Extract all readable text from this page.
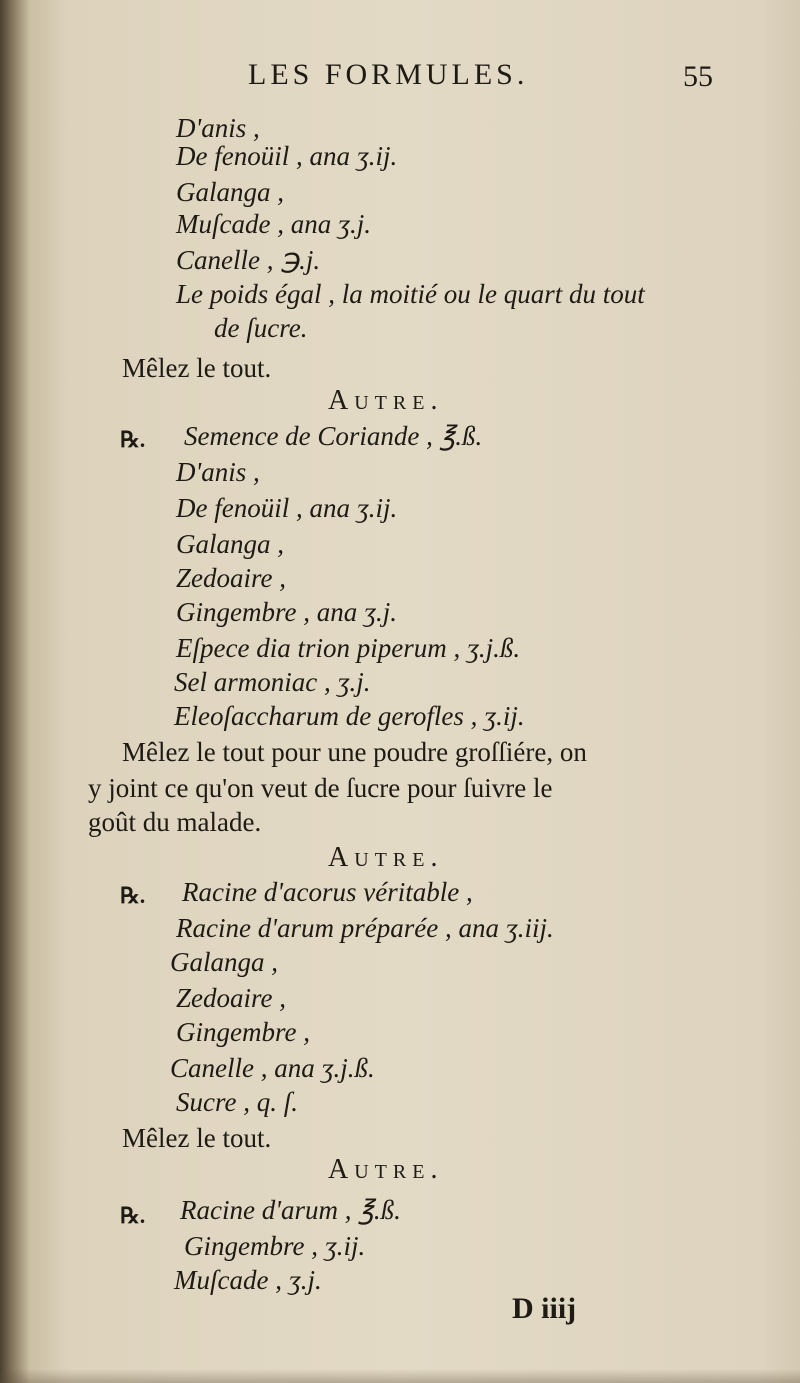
LES FORMULES.	55
D'anis ,
De fenoüil , ana ʒ.ij.
Galanga ,
Muſcade , ana ʒ.j.
Canelle , ℈.j.
Le poids égal , la moitié ou le quart du tout
de ſucre.
Mêlez le tout.
Autre.
℞. Semence de Coriande , ℥.ß.
D'anis ,
De fenoüil , ana ʒ.ij.
Galanga ,
Zedoaire ,
Gingembre , ana ʒ.j.
Eſpece dia trion piperum , ʒ.j.ß.
Sel armoniac , ʒ.j.
Eleoſaccharum de gerofles , ʒ.ij.
Mêlez le tout pour une poudre groſſiére, on
y joint ce qu'on veut de ſucre pour ſuivre le
goût du malade.
Autre.
℞. Racine d'acorus véritable ,
Racine d'arum préparée , ana ʒ.iij.
Galanga ,
Zedoaire ,
Gingembre ,
Canelle , ana ʒ.j.ß.
Sucre , q. ſ.
Mêlez le tout.
Autre.
℞. Racine d'arum , ℥.ß.
Gingembre , ʒ.ij.
Muſcade , ʒ.j.
D iiij
